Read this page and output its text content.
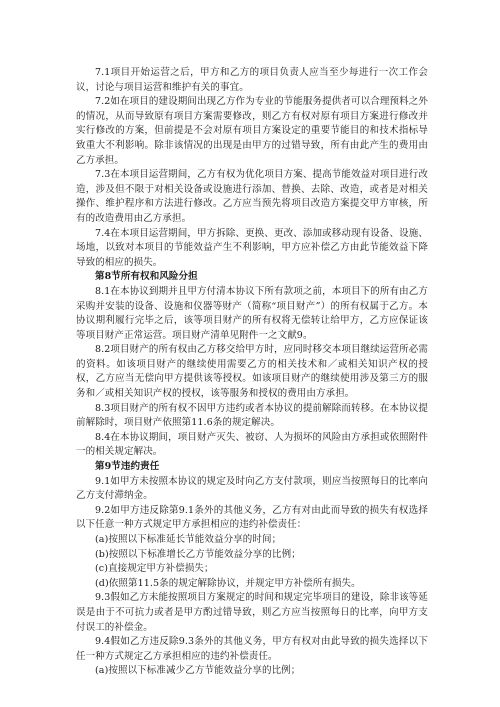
7.1项目开始运营之后，甲方和乙方的项目负责人应当至少每进行一次工作会议，讨论与项目运营和维护有关的事宜。

7.2如在项目的建设期间出现乙方作为专业的节能服务提供者可以合理预料之外的情况，从而导致原有项目方案需要修改，则乙方有权对原有项目方案进行修改并实行修改的方案，但前提是不会对原有项目方案设定的重要节能目的和技术指标导致重大不利影响。除非该情况的出现是由甲方的过错导致，所有由此产生的费用由乙方承担。

7.3在本项目运营期间，乙方有权为优化项目方案、提高节能效益对项目进行改造，涉及但不限于对相关设备或设施进行添加、替换、去除、改造，或者是对相关操作、维护程序和方法进行修改。乙方应当预先将项目改造方案提交甲方审核，所有的改造费用由乙方承担。

7.4在本项目运营期间，甲方拆除、更换、更改、添加或移动现有设备、设施、场地，以致对本项目的节能效益产生不利影响，甲方应补偿乙方由此节能效益下降导致的相应的损失。

第8节所有权和风险分担

8.1在本协议到期并且甲方付清本协议下所有款项之前，本项目下的所有由乙方采购并安装的设备、设施和仪器等财产（简称“项目财产”）的所有权属于乙方。本协议期利履行完毕之后，该等项目财产的所有权将无偿转让给甲方，乙方应保证该等项目财产正常运营。项目财产清单见附件一之文献9。

8.2项目财产的所有权由乙方移交给甲方时，应同时移交本项目继续运营所必需的资料。如该项目财产的继续使用需要乙方的相关技术和／或相关知识产权的授权，乙方应当无偿向甲方提供该等授权。如该项目财产的继续使用涉及第三方的服务和／或相关知识产权的授权，该等服务和授权的费用由方承担。

8.3项目财产的所有权不因甲方违约或者本协议的提前解除而转移。在本协议提前解除时，项目财产依照第11.6条的规定解决。

8.4在本协议期间，项目财产灭失、被窃、人为损坏的风险由方承担或依照附件一的相关规定解决。

第9节违约责任

9.1如甲方未按照本协议的规定及时向乙方支付款项，则应当按照每日的比率向乙方支付滞纳金。

9.2如甲方违反除第9.1条外的其他义务，乙方有对由此而导致的损失有权选择以下任意一种方式规定甲方承担相应的违约补偿责任：

(a)按照以下标准延长节能效益分享的时间；

(b)按照以下标准增长乙方节能效益分享的比例；

(c)直接规定甲方补偿损失；

(d)依照第11.5条的规定解除协议，并规定甲方补偿所有损失。

9.3假如乙方未能按照项目方案规定的时间和规定完毕项目的建设，除非该等延误是由于不可抗力或者是甲方酌过错导致，则乙方应当按照每日的比率，向甲方支付误工的补偿金。

9.4假如乙方违反除9.3条外的其他义务，甲方有权对由此导致的损失选择以下任一种方式规定乙方承担相应的违约补偿责任。

(a)按照以下标准减少乙方节能效益分享的比例；
